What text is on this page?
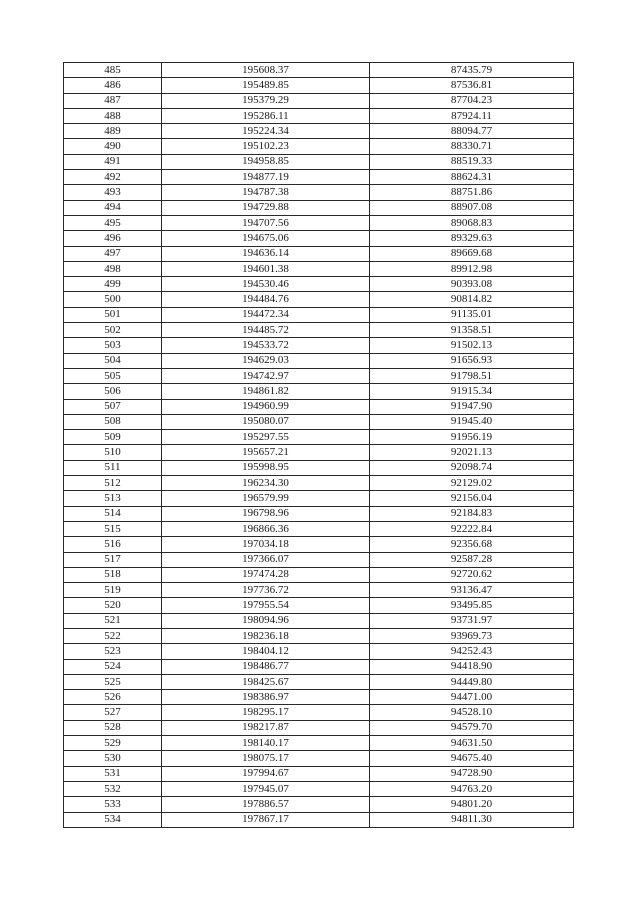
485	195608.37	87435.79
486	195489.85	87536.81
487	195379.29	87704.23
488	195286.11	87924.11
489	195224.34	88094.77
490	195102.23	88330.71
491	194958.85	88519.33
492	194877.19	88624.31
493	194787.38	88751.86
494	194729.88	88907.08
495	194707.56	89068.83
496	194675.06	89329.63
497	194636.14	89669.68
498	194601.38	89912.98
499	194530.46	90393.08
500	194484.76	90814.82
501	194472.34	91135.01
502	194485.72	91358.51
503	194533.72	91502.13
504	194629.03	91656.93
505	194742.97	91798.51
506	194861.82	91915.34
507	194960.99	91947.90
508	195080.07	91945.40
509	195297.55	91956.19
510	195657.21	92021.13
511	195998.95	92098.74
512	196234.30	92129.02
513	196579.99	92156.04
514	196798.96	92184.83
515	196866.36	92222.84
516	197034.18	92356.68
517	197366.07	92587.28
518	197474.28	92720.62
519	197736.72	93136.47
520	197955.54	93495.85
521	198094.96	93731.97
522	198236.18	93969.73
523	198404.12	94252.43
524	198486.77	94418.90
525	198425.67	94449.80
526	198386.97	94471.00
527	198295.17	94528.10
528	198217.87	94579.70
529	198140.17	94631.50
530	198075.17	94675.40
531	197994.67	94728.90
532	197945.07	94763.20
533	197886.57	94801.20
534	197867.17	94811.30
